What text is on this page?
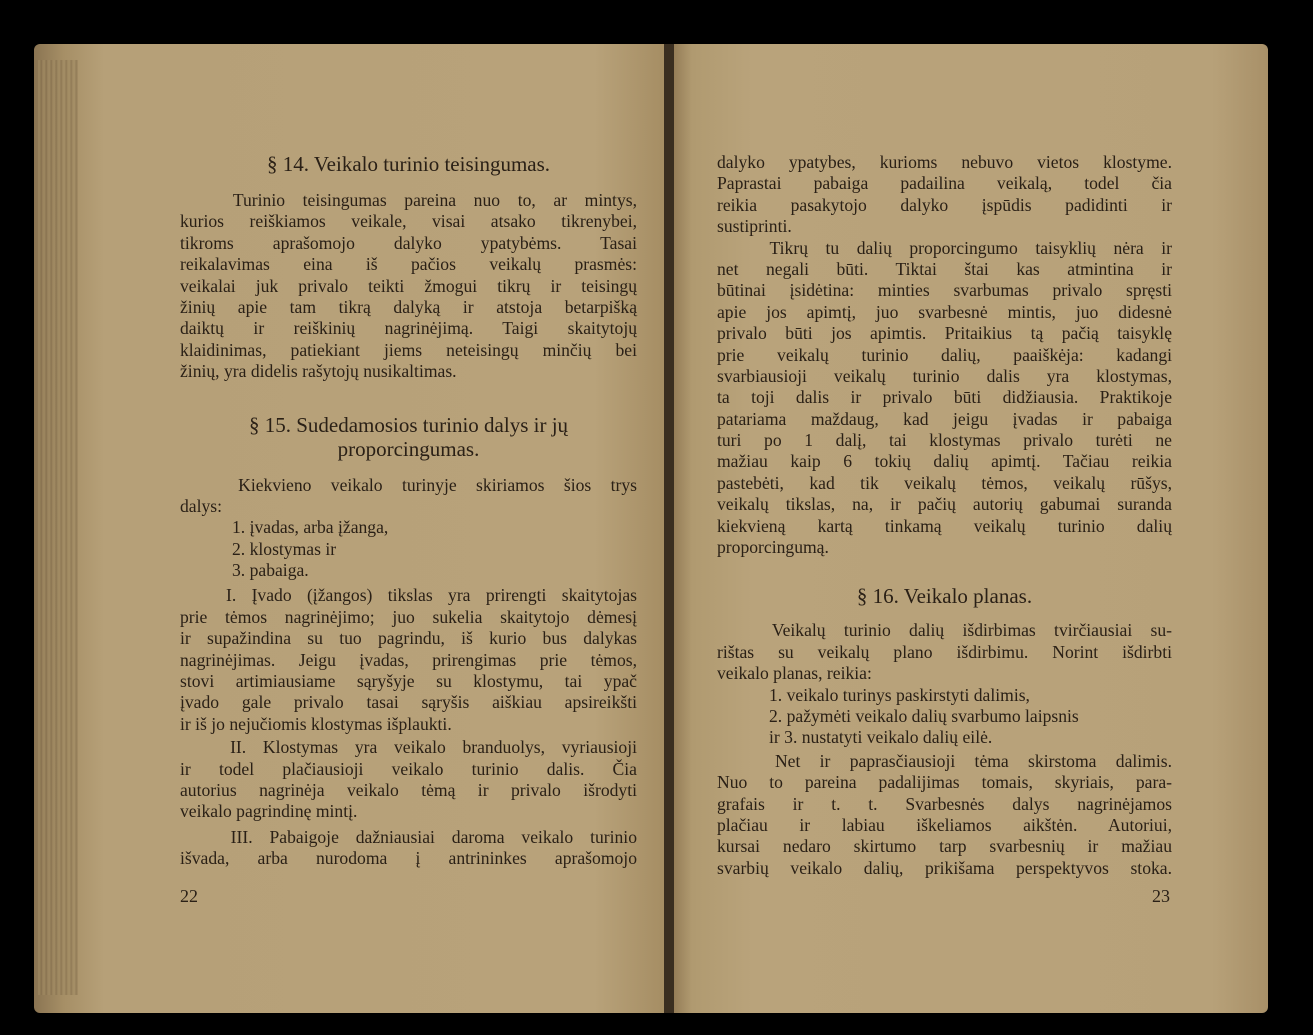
§ 14. Veikalo turinio teisingumas.
Turinio teisingumas pareina nuo to, ar mintys,
kurios reiškiamos veikale, visai atsako tikrenybei,
tikroms aprašomojo dalyko ypatybėms. Tasai
reikalavimas eina iš pačios veikalų prasmės:
veikalai juk privalo teikti žmogui tikrų ir teisingų
žinių apie tam tikrą dalyką ir atstoja betarpišką
daiktų ir reiškinių nagrinėjimą. Taigi skaitytojų
klaidinimas, patiekiant jiems neteisingų minčių bei
žinių, yra didelis rašytojų nusikaltimas.
§ 15. Sudedamosios turinio dalys ir jų
proporcingumas.
Kiekvieno veikalo turinyje skiriamos šios trys
dalys:
1. įvadas, arba įžanga,
2. klostymas ir
3. pabaiga.
I. Įvado (įžangos) tikslas yra prirengti skaitytojas
prie tėmos nagrinėjimo; juo sukelia skaitytojo dėmesį
ir supažindina su tuo pagrindu, iš kurio bus dalykas
nagrinėjimas. Jeigu įvadas, prirengimas prie tėmos,
stovi artimiausiame sąryšyje su klostymu, tai ypač
įvado gale privalo tasai sąryšis aiškiau apsireikšti
ir iš jo nejučiomis klostymas išplaukti.
II. Klostymas yra veikalo branduolys, vyriausioji
ir todel plačiausioji veikalo turinio dalis. Čia
autorius nagrinėja veikalo tėmą ir privalo išrodyti
veikalo pagrindinę mintį.
III. Pabaigoje dažniausiai daroma veikalo turinio
išvada, arba nurodoma į antrininkes aprašomojo
dalyko ypatybes, kurioms nebuvo vietos klostyme.
Paprastai pabaiga padailina veikalą, todel čia
reikia pasakytojo dalyko įspūdis padidinti ir
sustiprinti.
Tikrų tu dalių proporcingumo taisyklių nėra ir
net negali būti. Tiktai štai kas atmintina ir
būtinai įsidėtina: minties svarbumas privalo spręsti
apie jos apimtį, juo svarbesnė mintis, juo didesnė
privalo būti jos apimtis. Pritaikius tą pačią taisyklę
prie veikalų turinio dalių, paaiškėja: kadangi
svarbiausioji veikalų turinio dalis yra klostymas,
ta toji dalis ir privalo būti didžiausia. Praktikoje
patariama maždaug, kad jeigu įvadas ir pabaiga
turi po 1 dalį, tai klostymas privalo turėti ne
mažiau kaip 6 tokių dalių apimtį. Tačiau reikia
pastebėti, kad tik veikalų tėmos, veikalų rūšys,
veikalų tikslas, na, ir pačių autorių gabumai suranda
kiekvieną kartą tinkamą veikalų turinio dalių
proporcingumą.
§ 16. Veikalo planas.
Veikalų turinio dalių išdirbimas tvirčiausiai su-
rištas su veikalų plano išdirbimu. Norint išdirbti
veikalo planas, reikia:
1. veikalo turinys paskirstyti dalimis,
2. pažymėti veikalo dalių svarbumo laipsnis
ir 3. nustatyti veikalo dalių eilė.
Net ir paprasčiausioji tėma skirstoma dalimis.
Nuo to pareina padalijimas tomais, skyriais, para-
grafais ir t. t. Svarbesnės dalys nagrinėjamos
plačiau ir labiau iškeliamos aikštėn. Autoriui,
kursai nedaro skirtumo tarp svarbesnių ir mažiau
svarbių veikalo dalių, prikišama perspektyvos stoka.
22	23
